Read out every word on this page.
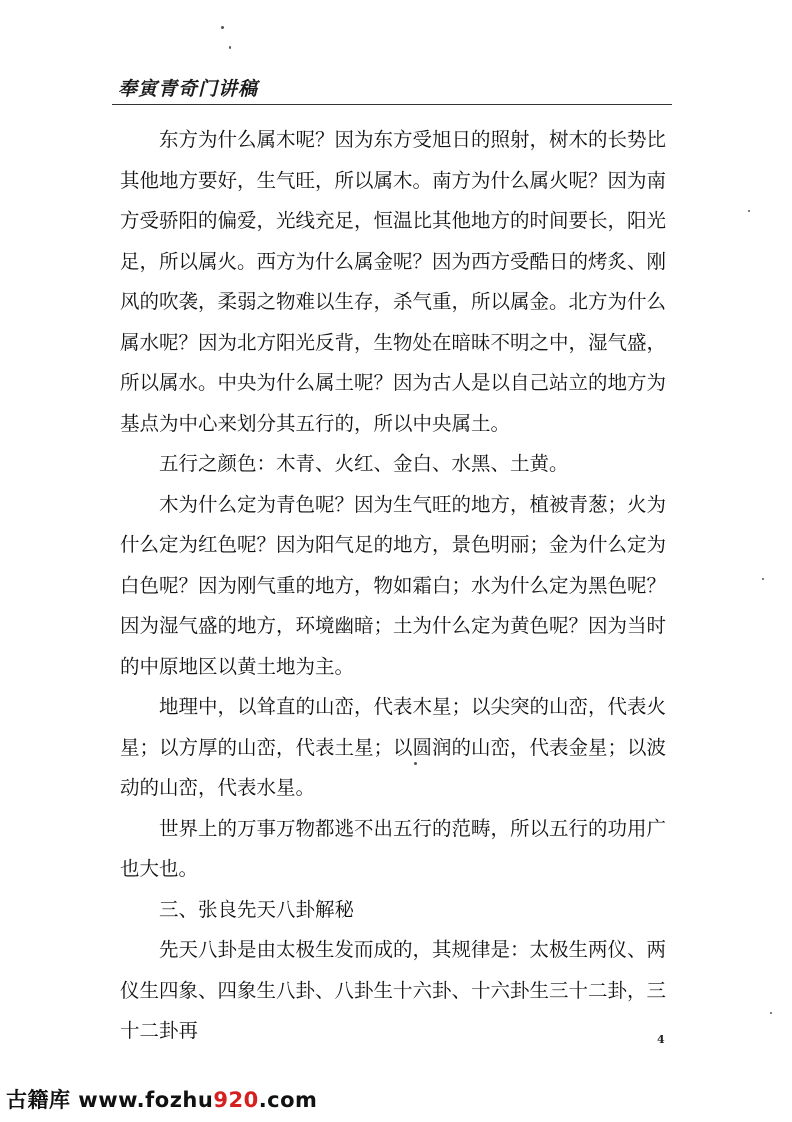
奉寅青奇门讲稿

东方为什么属木呢？因为东方受旭日的照射，树木的长势比其他地方要好，生气旺，所以属木。南方为什么属火呢？因为南方受骄阳的偏爱，光线充足，恒温比其他地方的时间要长，阳光足，所以属火。西方为什么属金呢？因为西方受酷日的烤炙、刚风的吹袭，柔弱之物难以生存，杀气重，所以属金。北方为什么属水呢？因为北方阳光反背，生物处在暗昧不明之中，湿气盛，所以属水。中央为什么属土呢？因为古人是以自己站立的地方为基点为中心来划分其五行的，所以中央属土。

五行之颜色：木青、火红、金白、水黑、土黄。

木为什么定为青色呢？因为生气旺的地方，植被青葱；火为什么定为红色呢？因为阳气足的地方，景色明丽；金为什么定为白色呢？因为刚气重的地方，物如霜白；水为什么定为黑色呢？因为湿气盛的地方，环境幽暗；土为什么定为黄色呢？因为当时的中原地区以黄土地为主。

地理中，以耸直的山峦，代表木星；以尖突的山峦，代表火星；以方厚的山峦，代表土星；以圆润的山峦，代表金星；以波动的山峦，代表水星。

世界上的万事万物都逃不出五行的范畴，所以五行的功用广也大也。

三、张良先天八卦解秘

先天八卦是由太极生发而成的，其规律是：太极生两仪、两仪生四象、四象生八卦、八卦生十六卦、十六卦生三十二卦，三十二卦再	4
古籍库 www.fozhu920.com
